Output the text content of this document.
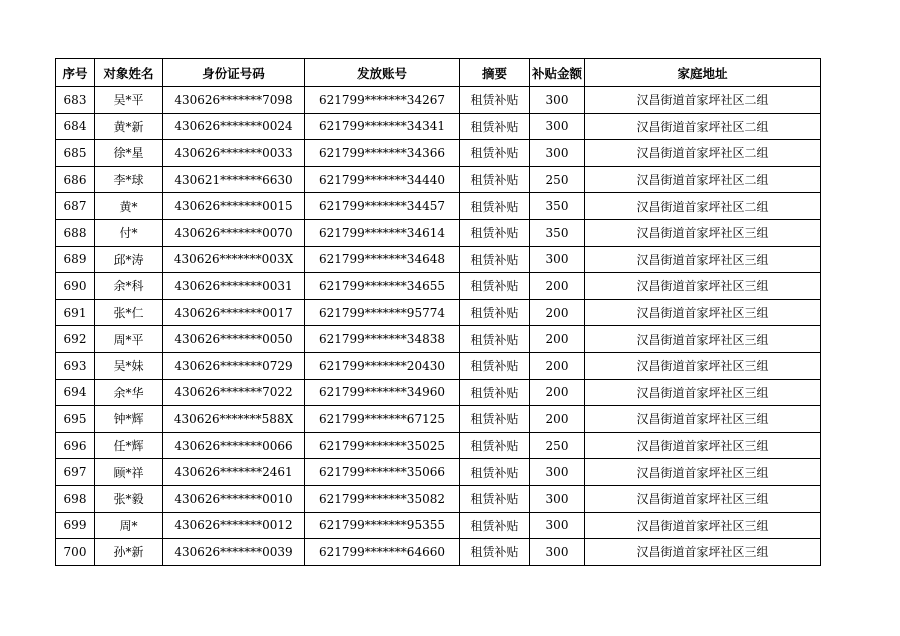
序号	对象姓名	身份证号码	发放账号	摘要	补贴金额	家庭地址
683	吴*平	430626*******7098	621799*******34267	租赁补贴	300	汉昌街道首家坪社区二组
684	黄*新	430626*******0024	621799*******34341	租赁补贴	300	汉昌街道首家坪社区二组
685	徐*星	430626*******0033	621799*******34366	租赁补贴	300	汉昌街道首家坪社区二组
686	李*球	430621*******6630	621799*******34440	租赁补贴	250	汉昌街道首家坪社区二组
687	黄*	430626*******0015	621799*******34457	租赁补贴	350	汉昌街道首家坪社区二组
688	付*	430626*******0070	621799*******34614	租赁补贴	350	汉昌街道首家坪社区三组
689	邱*涛	430626*******003X	621799*******34648	租赁补贴	300	汉昌街道首家坪社区三组
690	余*科	430626*******0031	621799*******34655	租赁补贴	200	汉昌街道首家坪社区三组
691	张*仁	430626*******0017	621799*******95774	租赁补贴	200	汉昌街道首家坪社区三组
692	周*平	430626*******0050	621799*******34838	租赁补贴	200	汉昌街道首家坪社区三组
693	吴*妹	430626*******0729	621799*******20430	租赁补贴	200	汉昌街道首家坪社区三组
694	余*华	430626*******7022	621799*******34960	租赁补贴	200	汉昌街道首家坪社区三组
695	钟*辉	430626*******588X	621799*******67125	租赁补贴	200	汉昌街道首家坪社区三组
696	任*辉	430626*******0066	621799*******35025	租赁补贴	250	汉昌街道首家坪社区三组
697	顾*祥	430626*******2461	621799*******35066	租赁补贴	300	汉昌街道首家坪社区三组
698	张*毅	430626*******0010	621799*******35082	租赁补贴	300	汉昌街道首家坪社区三组
699	周*	430626*******0012	621799*******95355	租赁补贴	300	汉昌街道首家坪社区三组
700	孙*新	430626*******0039	621799*******64660	租赁补贴	300	汉昌街道首家坪社区三组
